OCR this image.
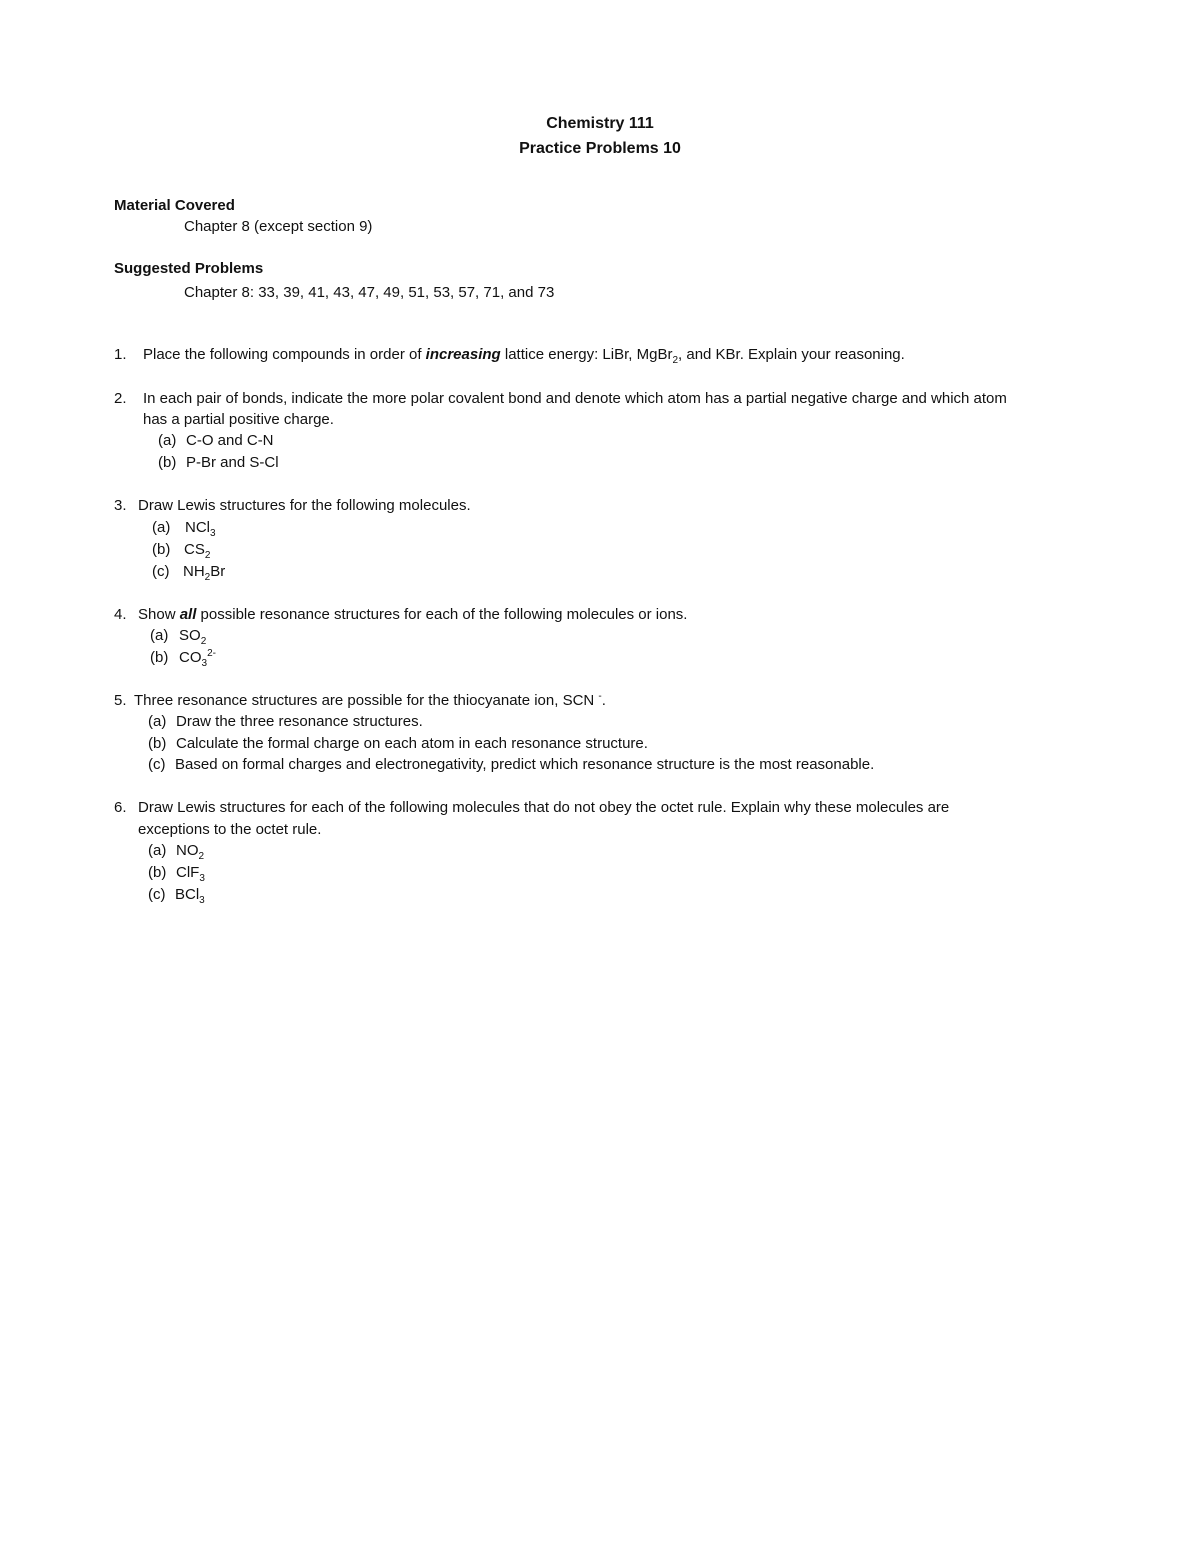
Chemistry 111
Practice Problems 10
Material Covered
Chapter 8 (except section 9)
Suggested Problems
Chapter 8: 33, 39, 41, 43, 47, 49, 51, 53, 57, 71, and 73
1. Place the following compounds in order of increasing lattice energy: LiBr, MgBr$_2$, and KBr. Explain your reasoning.
2. In each pair of bonds, indicate the more polar covalent bond and denote which atom has a partial negative charge and which atom
has a partial positive charge.
(a) C-O and C-N
(b) P-Br and S-Cl
3. Draw Lewis structures for the following molecules.
(a) NCl$_3$
(b) $CS_2$
(c) $NH_2Br$
4. Show all possible resonance structures for each of the following molecules or ions.
(a) $SO_2$
(b) $CO_3^{2-}$
5. Three resonance structures are possible for the thiocyanate ion, SCN -.
(a) Draw the three resonance structures.
(b) Calculate the formal charge on each atom in each resonance structure.
(c) Based on formal charges and electronegativity, predict which resonance structure is the most reasonable.
6. Draw Lewis structures for each of the following molecules that do not obey the octet rule. Explain why these molecules are
exceptions to the octet rule.
(a) $NO_2$
(b) ClF$_3$
(c) BCl$_3$
